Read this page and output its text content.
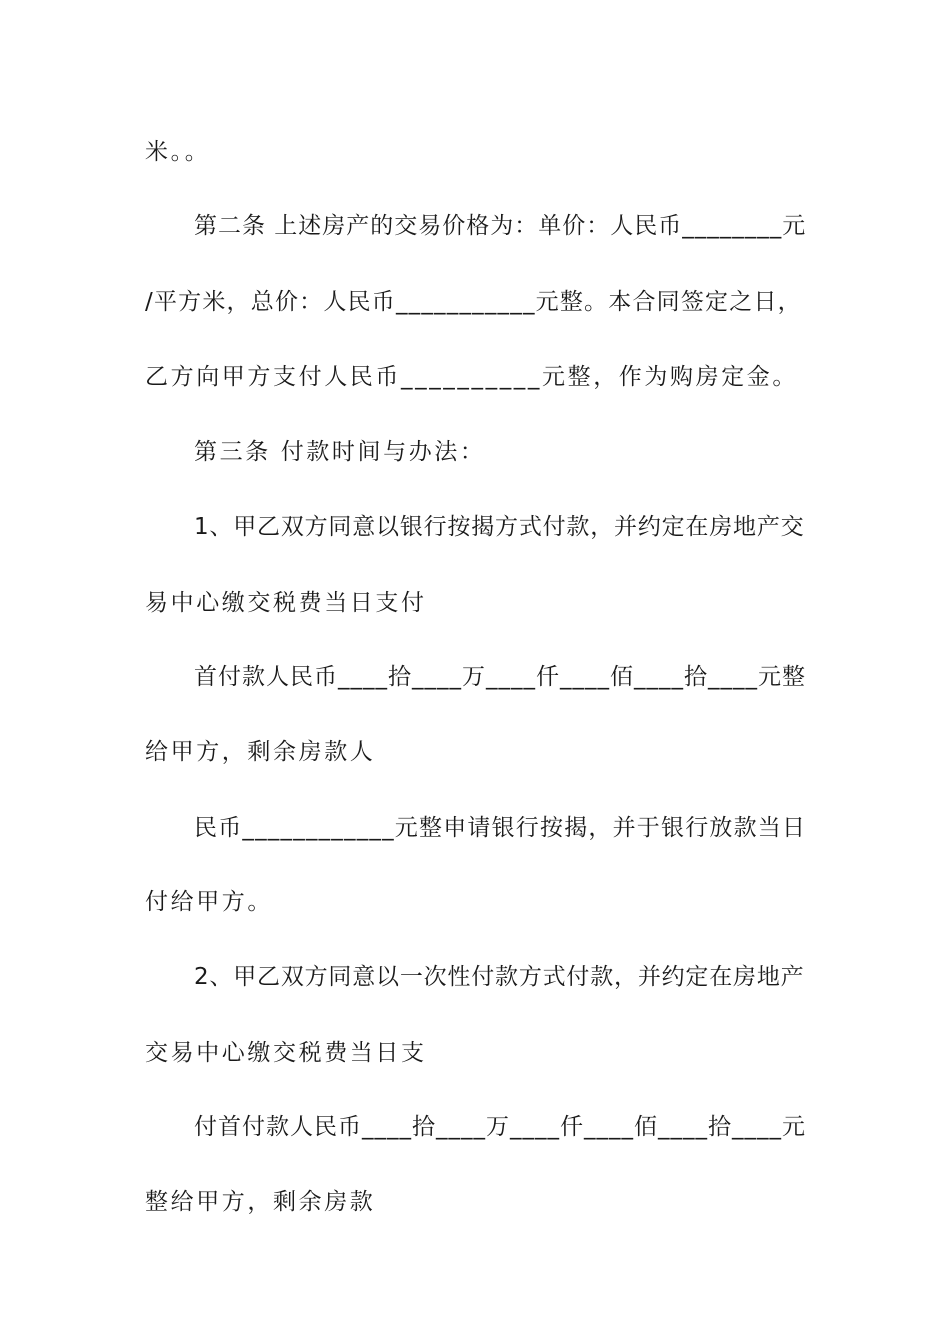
米。。
第二条 上述房产的交易价格为：单价：人民币________元
/平方米，总价：人民币___________元整。本合同签定之日，
乙方向甲方支付人民币__________元整，作为购房定金。
第三条 付款时间与办法：
1、甲乙双方同意以银行按揭方式付款，并约定在房地产交
易中心缴交税费当日支付
首付款人民币____拾____万____仟____佰____拾____元整
给甲方，剩余房款人
民币____________元整申请银行按揭，并于银行放款当日
付给甲方。
2、甲乙双方同意以一次性付款方式付款，并约定在房地产
交易中心缴交税费当日支
付首付款人民币____拾____万____仟____佰____拾____元
整给甲方，剩余房款
